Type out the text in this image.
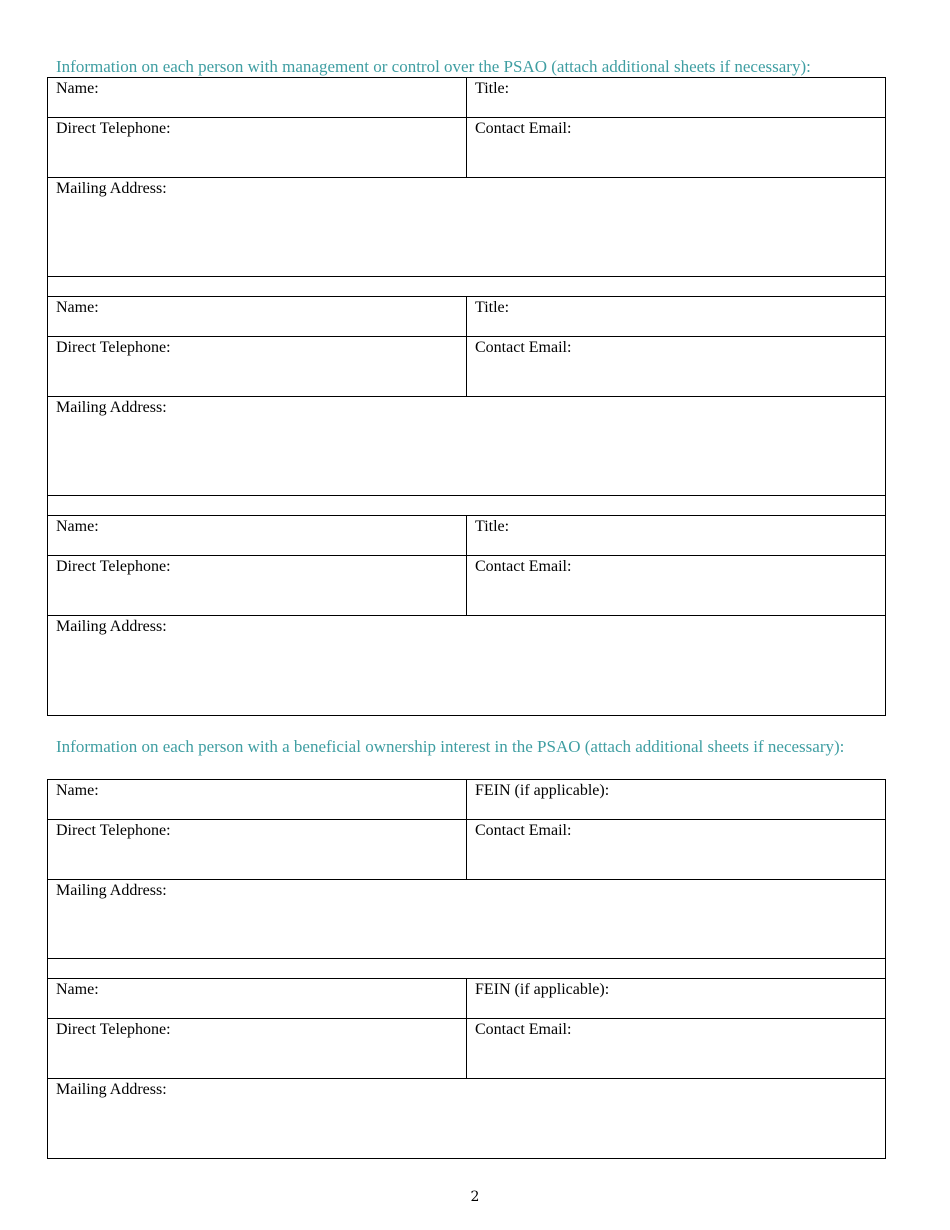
Information on each person with management or control over the PSAO (attach additional sheets if necessary):
Name:	Title:
Direct Telephone:	Contact Email:
Mailing Address:
Name:	Title:
Direct Telephone:	Contact Email:
Mailing Address:
Name:	Title:
Direct Telephone:	Contact Email:
Mailing Address:
Information on each person with a beneficial ownership interest in the PSAO (attach additional sheets if necessary):
Name:	FEIN (if applicable):
Direct Telephone:	Contact Email:
Mailing Address:
Name:	FEIN (if applicable):
Direct Telephone:	Contact Email:
Mailing Address:
2
